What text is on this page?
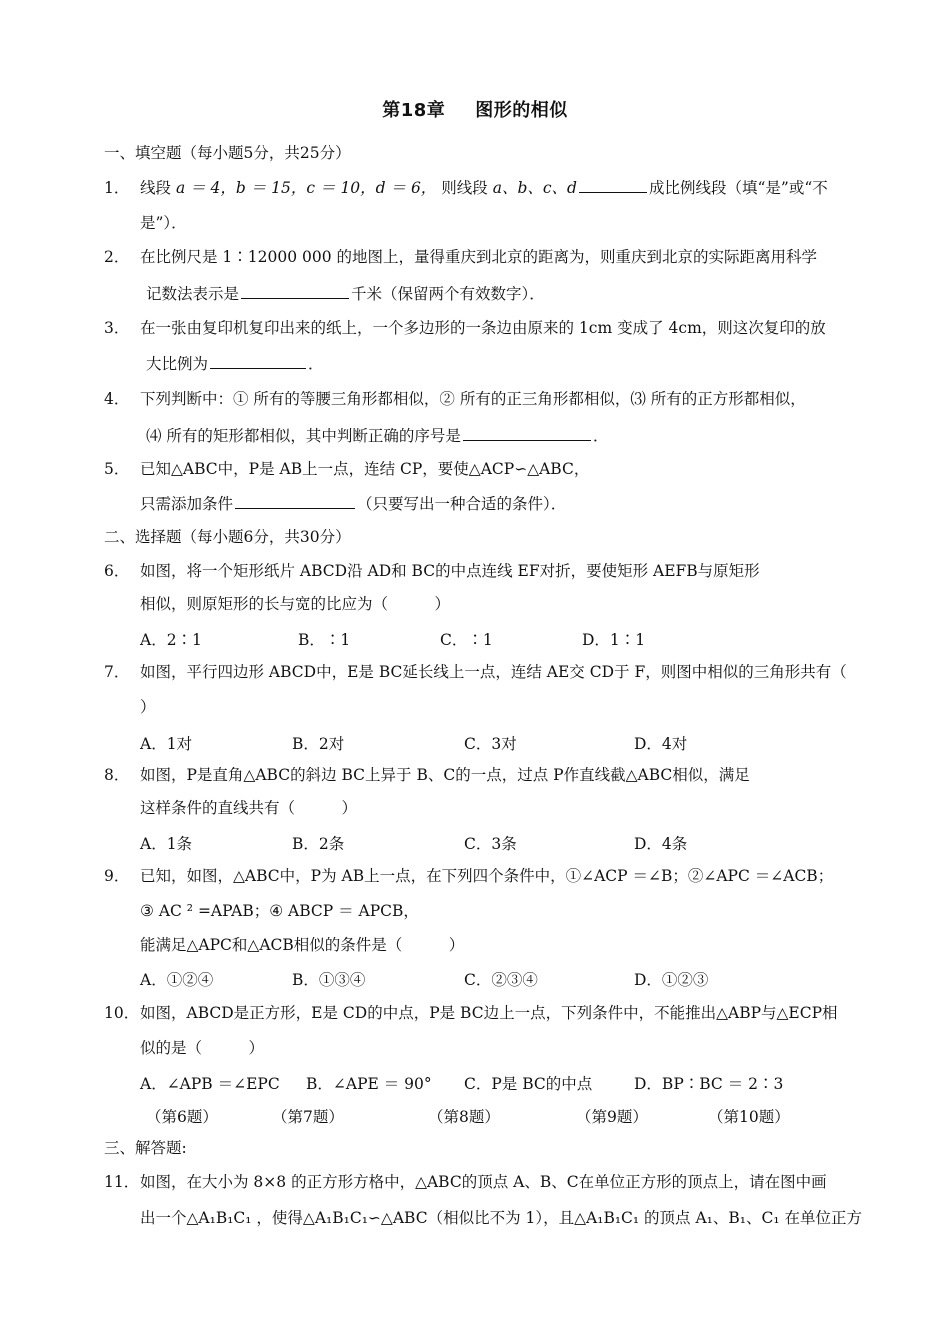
第18章 图形的相似
一、填空题（每小题5分，共25分）
1． 线段 a ＝ 4，b ＝ 15，c ＝ 10，d ＝ 6， 则线段 a、b、c、d	成比例线段（填“是”或“不
是”）．
2． 在比例尺是 1∶12000 000 的地图上，量得重庆到北京的距离为，则重庆到北京的实际距离用科学
记数法表示是	千米（保留两个有效数字）．
3． 在一张由复印机复印出来的纸上，一个多边形的一条边由原来的 1cm 变成了 4cm，则这次复印的放
大比例为	．
4． 下列判断中：① 所有的等腰三角形都相似，② 所有的正三角形都相似，⑶ 所有的正方形都相似，
⑷ 所有的矩形都相似，其中判断正确的序号是	．
5． 已知△ABC中，P是 AB上一点，连结 CP，要使△ACP∽△ABC，
只需添加条件	（只要写出一种合适的条件）．
二、选择题（每小题6分，共30分）
6． 如图，将一个矩形纸片 ABCD沿 AD和 BC的中点连线 EF对折，要使矩形 AEFB与原矩形
相似，则原矩形的长与宽的比应为（　　　）
A．2∶1	B．∶1	C．∶1	D．1∶1
7． 如图，平行四边形 ABCD中，E是 BC延长线上一点，连结 AE交 CD于 F，则图中相似的三角形共有（
）
A．1对	B．2对	C．3对	D．4对
8． 如图，P是直角△ABC的斜边 BC上异于 B、C的一点，过点 P作直线截△ABC相似，满足
这样条件的直线共有（　　　）
A．1条	B．2条	C．3条	D．4条
9． 已知，如图，△ABC中，P为 AB上一点，在下列四个条件中，①∠ACP ＝∠B；②∠APC ＝∠ACB；
③ AC ² =APAB；④ ABCP ＝ APCB，
能满足△APC和△ACB相似的条件是（　　　）
A．①②④	B．①③④	C．②③④	D．①②③
10． 如图，ABCD是正方形，E是 CD的中点，P是 BC边上一点，下列条件中，不能推出△ABP与△ECP相
似的是（　　　）
A．∠APB ＝∠EPC B．∠APE ＝ 90° C．P是 BC的中点	D．BP∶BC ＝ 2∶3
（第6题）	（第7题）	（第8题）	（第9题）	（第10题）
三、解答题:
11． 如图，在大小为 8×8 的正方形方格中，△ABC的顶点 A、B、C在单位正方形的顶点上，请在图中画
出一个△A₁B₁C₁ ，使得△A₁B₁C₁∽△ABC（相似比不为 1），且△A₁B₁C₁ 的顶点 A₁、B₁、C₁ 在单位正方
